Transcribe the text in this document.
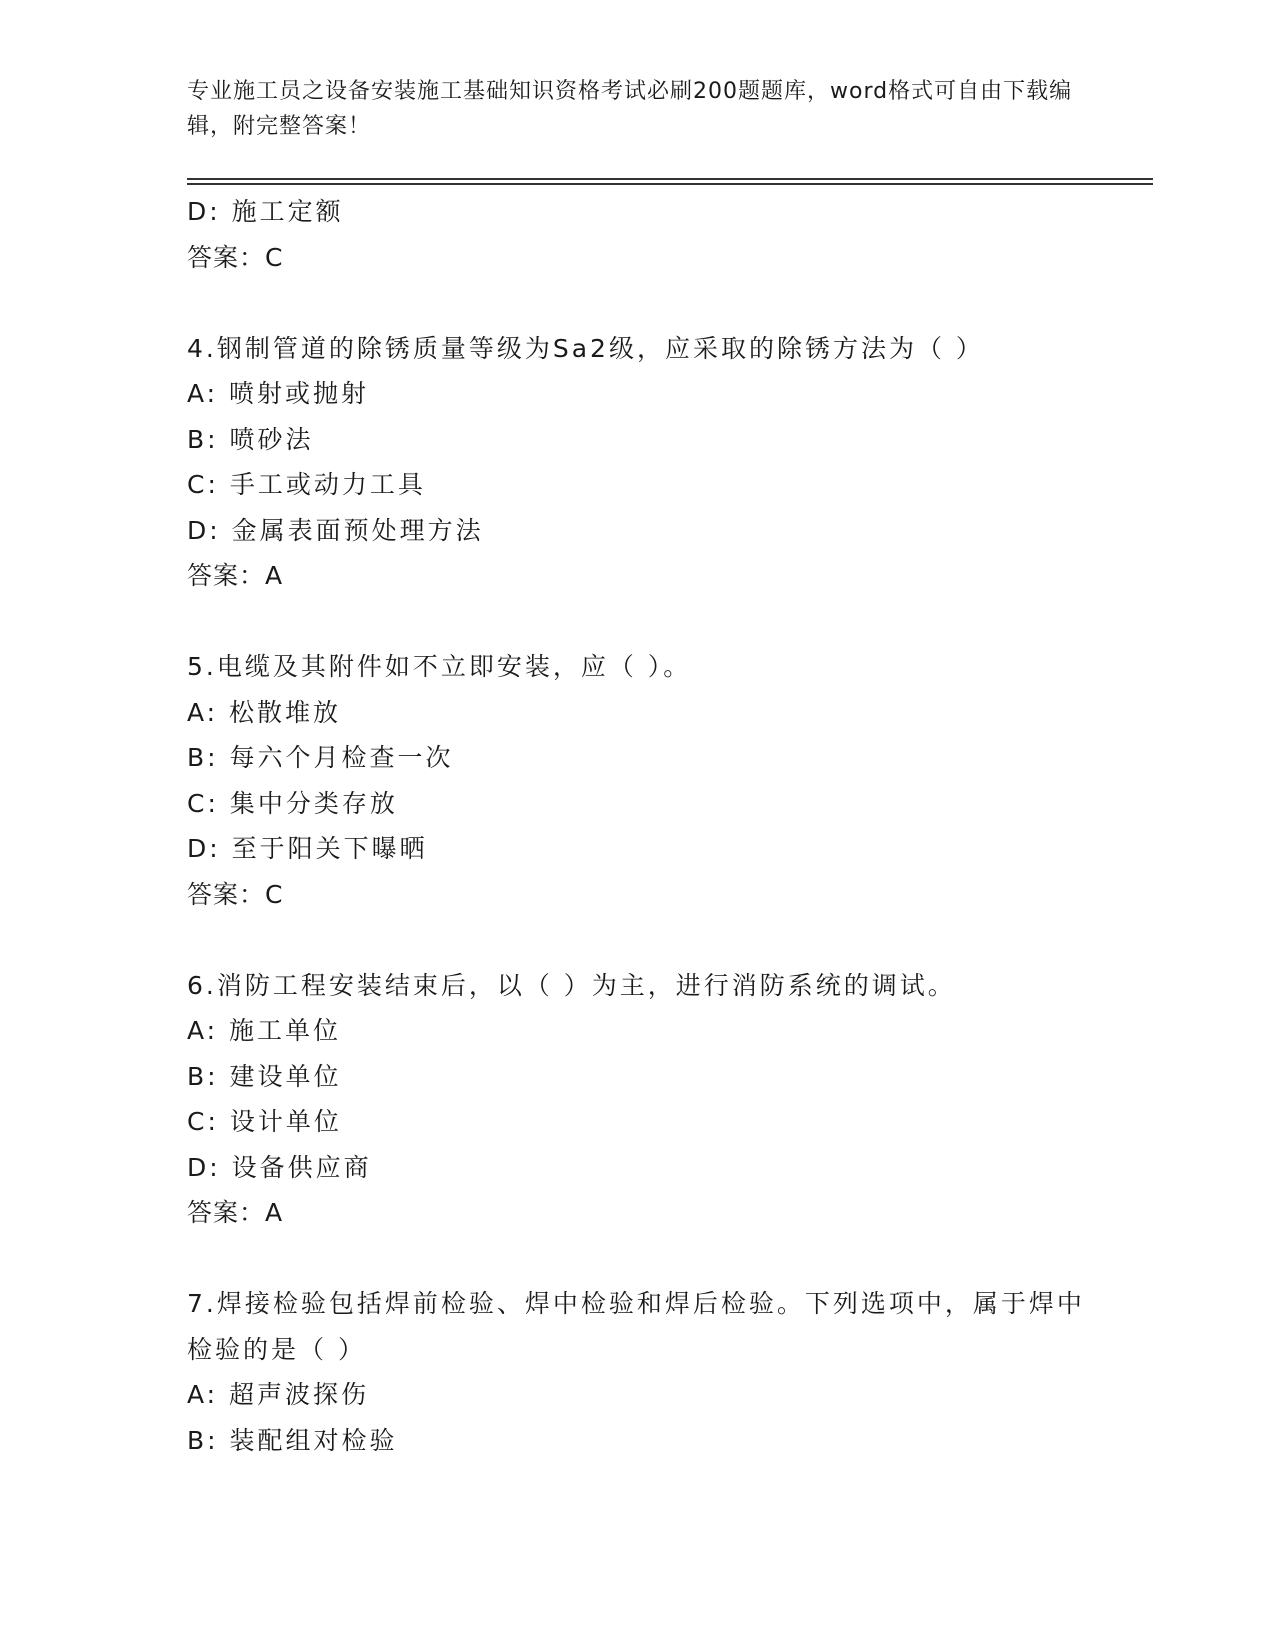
专业施工员之设备安装施工基础知识资格考试必刷200题题库，word格式可自由下载编辑，附完整答案！
D: 施工定额
答案：C
4.钢制管道的除锈质量等级为Sa2级，应采取的除锈方法为（ ）
A: 喷射或抛射
B: 喷砂法
C: 手工或动力工具
D: 金属表面预处理方法
答案：A
5.电缆及其附件如不立即安装，应（ ）。
A: 松散堆放
B: 每六个月检查一次
C: 集中分类存放
D: 至于阳关下曝晒
答案：C
6.消防工程安装结束后，以（ ）为主，进行消防系统的调试。
A: 施工单位
B: 建设单位
C: 设计单位
D: 设备供应商
答案：A
7.焊接检验包括焊前检验、焊中检验和焊后检验。下列选项中，属于焊中检验的是（ ）
A: 超声波探伤
B: 装配组对检验
